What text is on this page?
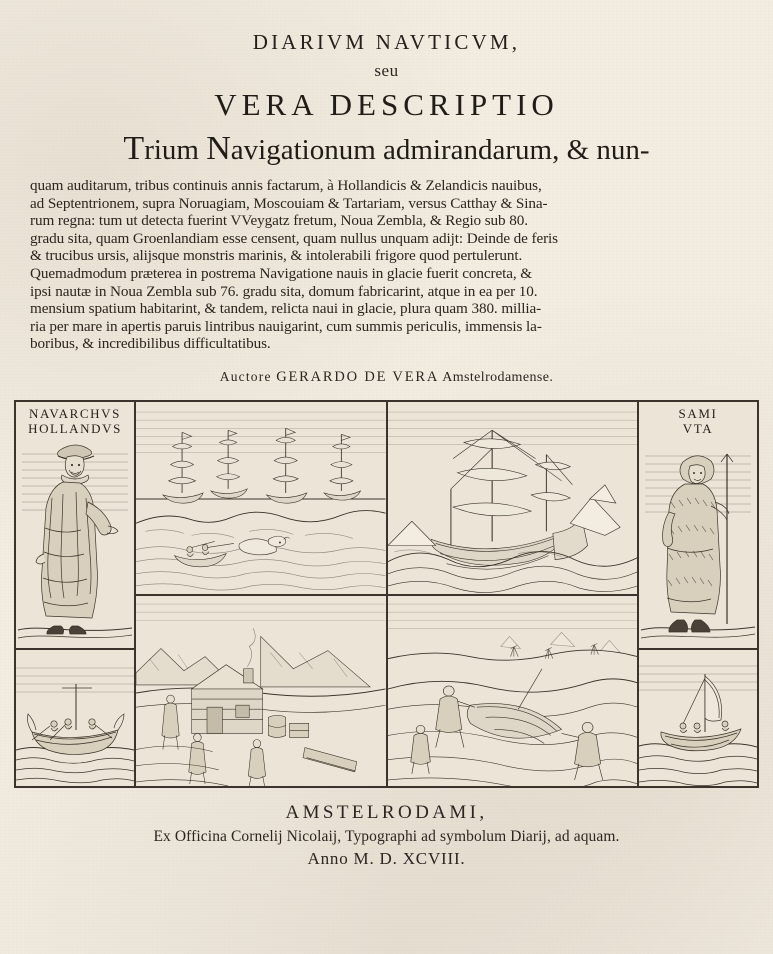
DIARIVM NAVTICVM,
seu
VERA DESCRIPTIO
Trium Navigationum admirandarum, & nun-

quam auditarum, tribus continuis annis factarum, à Hollandicis & Zelandicis nauibus,
ad Septentrionem, supra Noruagiam, Moscouiam & Tartariam, versus Catthay & Sina-
rum regna: tum ut detecta fuerint VVeygatz fretum, Noua Zembla, & Regio sub 80.
gradu sita, quam Groenlandiam esse censent, quam nullus unquam adijt: Deinde de feris
& trucibus ursis, alijsque monstris marinis, & intolerabili frigore quod pertulerunt.
Quemadmodum præterea in postrema Navigatione nauis in glacie fuerit concreta, &
ipsi nautæ in Noua Zembla sub 76. gradu sita, domum fabricarint, atque in ea per 10.
mensium spatium habitarint, & tandem, relicta naui in glacie, plura quam 380. millia-
ria per mare in apertis paruis lintribus nauigarint, cum summis periculis, immensis la-
boribus, & incredibilibus difficultatibus.

Auctore GERARDO DE VERA Amstelrodamense.
NAVARCHVS
HOLLANDVS
SAMI
VTA
AMSTELRODAMI,
Ex Officina Cornelij Nicolaij, Typographi ad symbolum Diarij, ad aquam.
Anno M. D. XCVIII.
